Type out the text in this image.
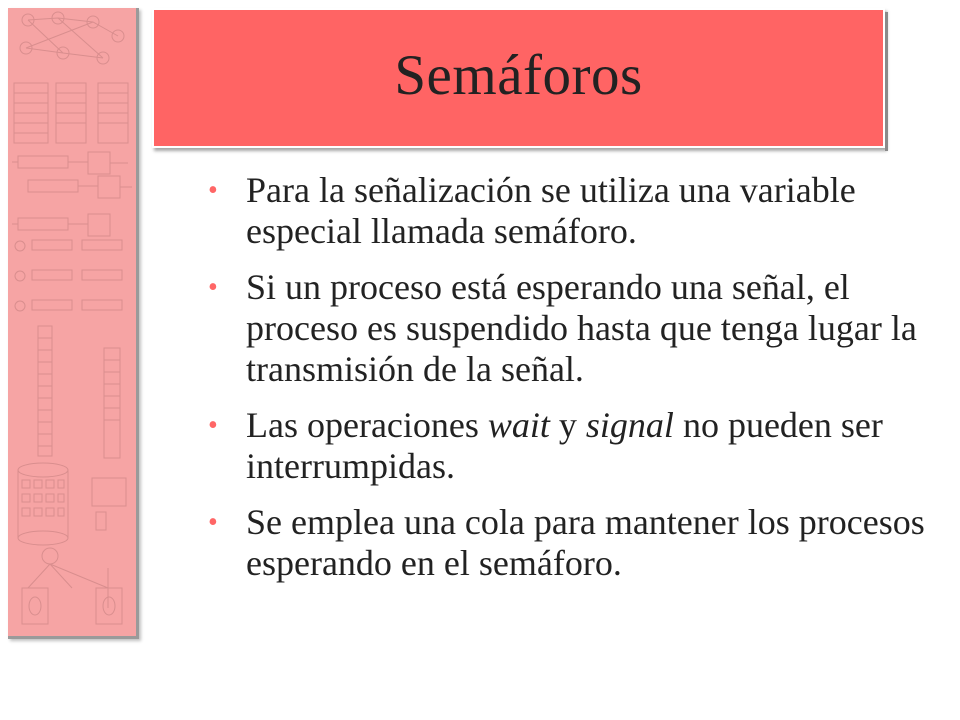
Semáforos
• Para la señalización se utiliza una variable especial llamada semáforo.
• Si un proceso está esperando una señal, el proceso es suspendido hasta que tenga lugar la transmisión de la señal.
• Las operaciones wait y signal no pueden ser interrumpidas.
• Se emplea una cola para mantener los procesos esperando en el semáforo.
